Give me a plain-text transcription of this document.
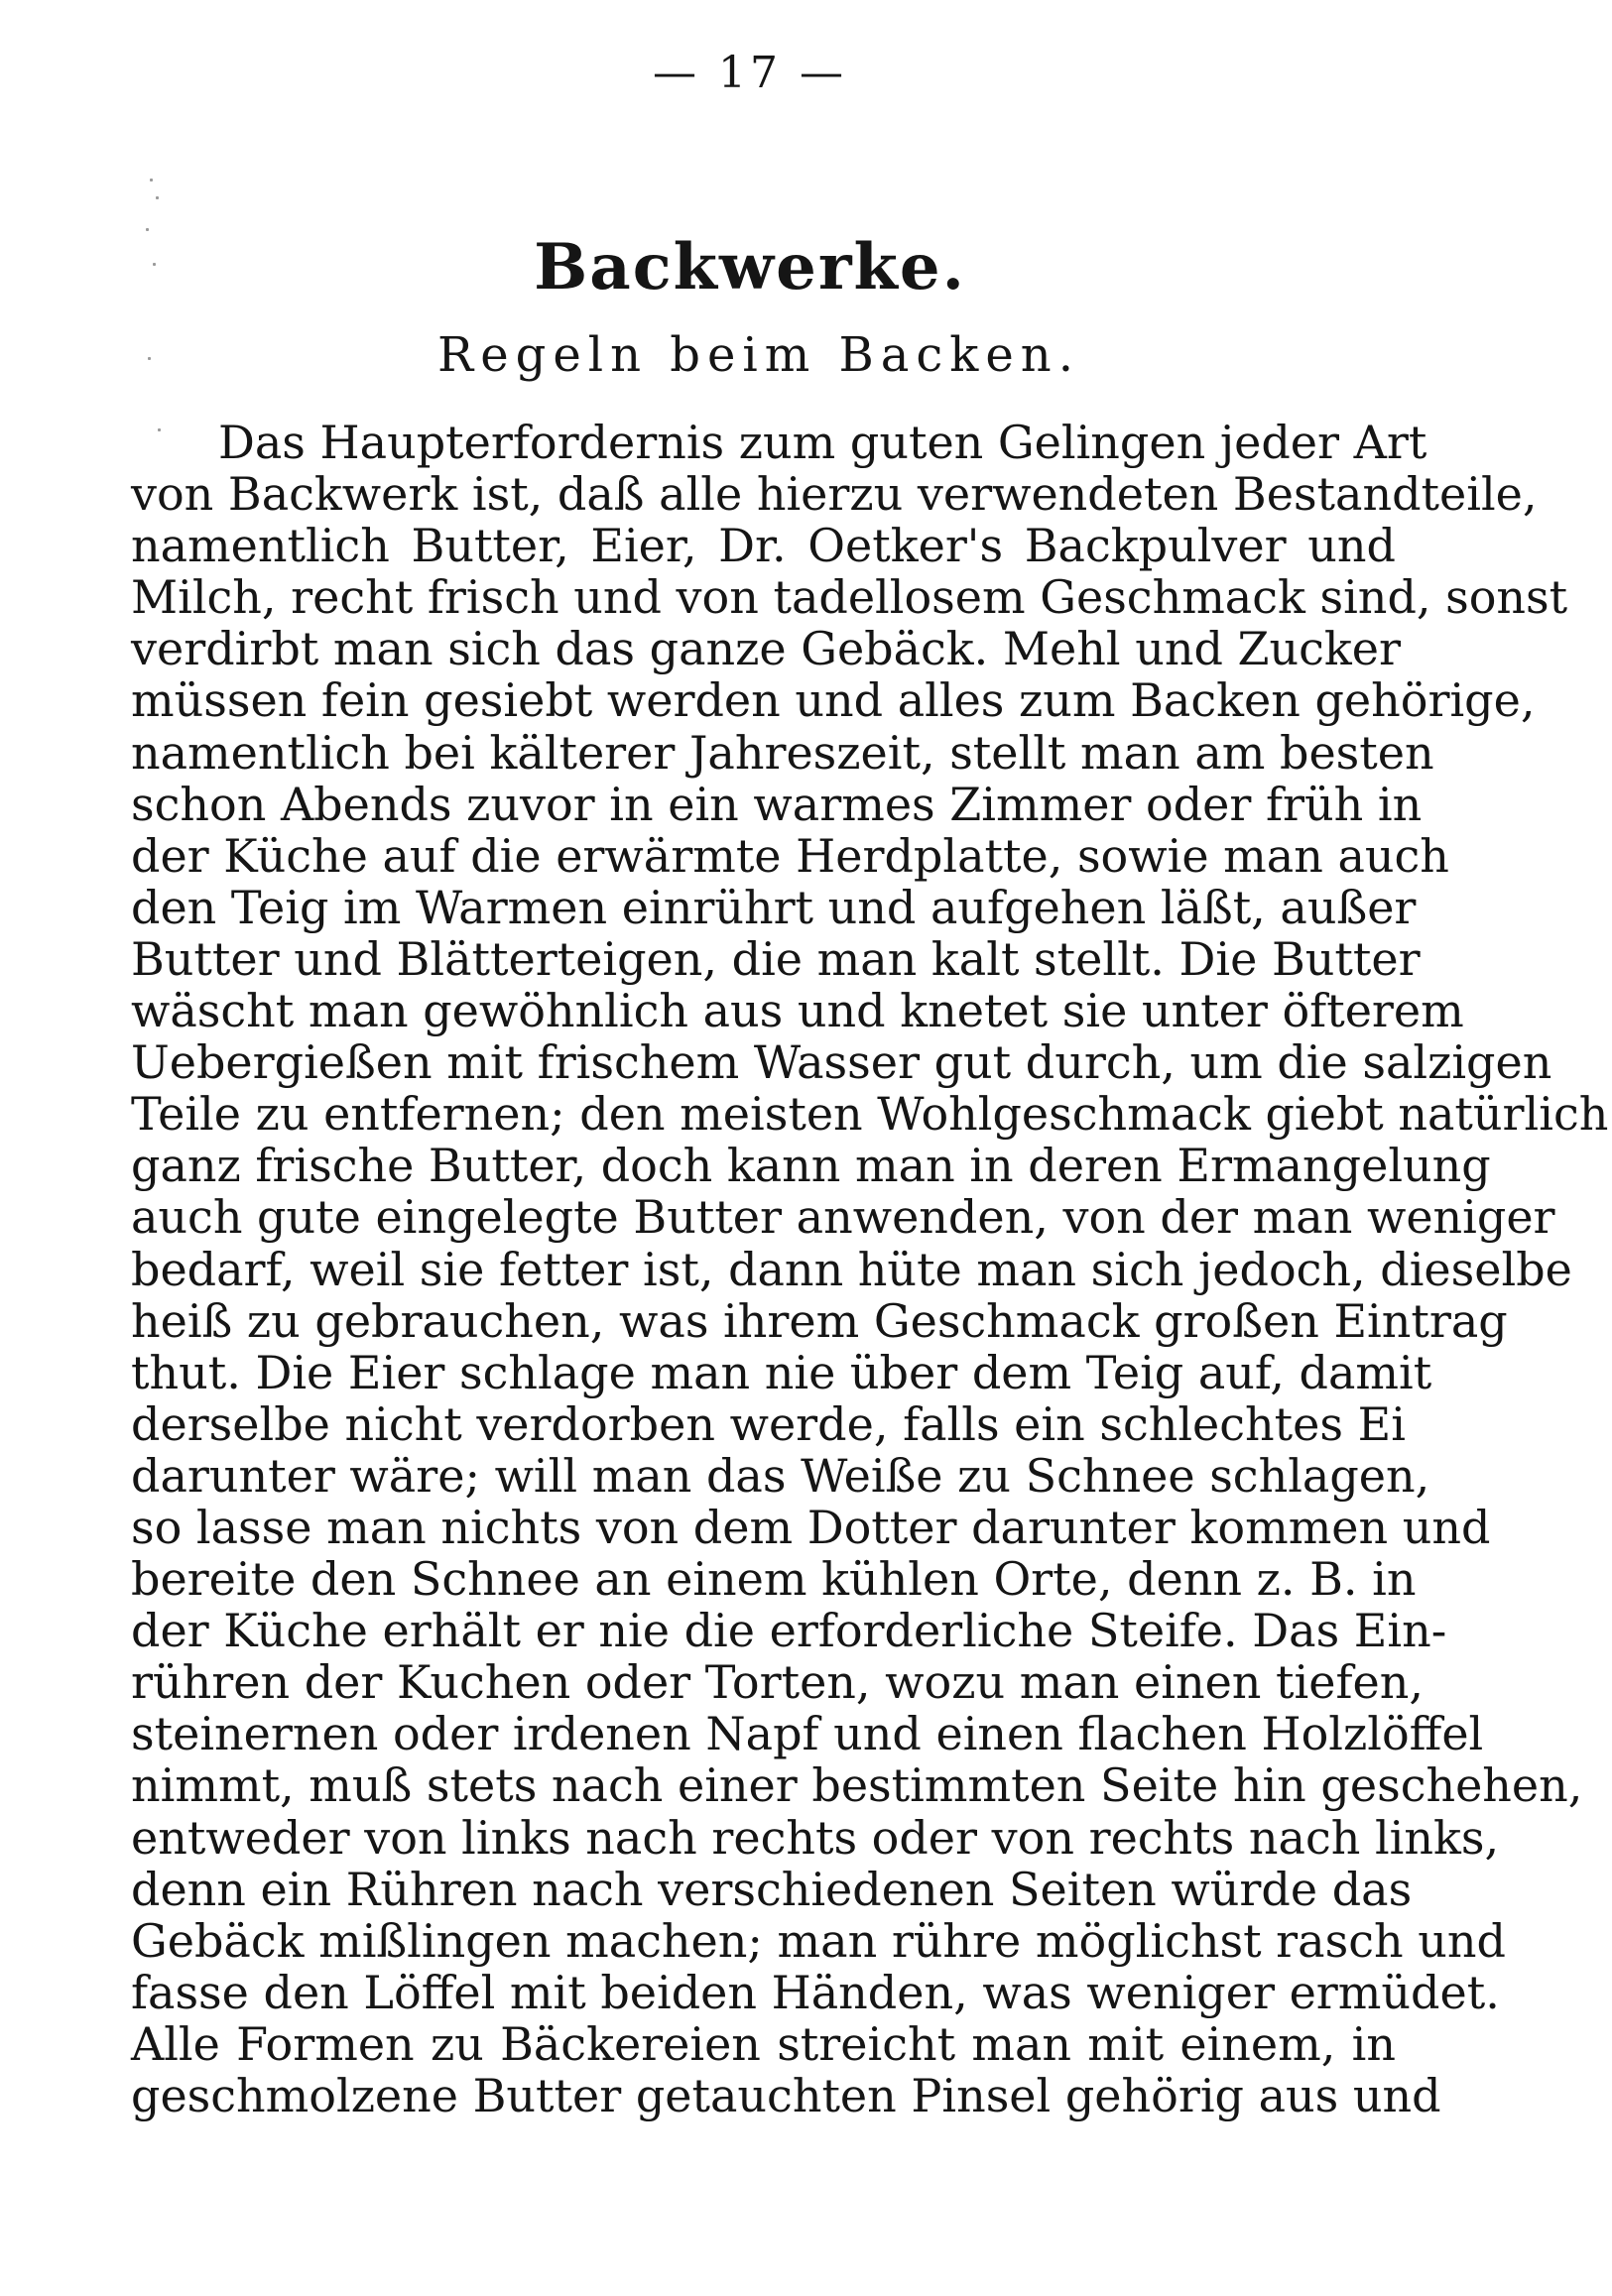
— 17 —
Backwerke.
Regeln beim Backen.
Das Haupterfordernis zum guten Gelingen jeder Art
von Backwerk ist, daß alle hierzu verwendeten Bestandteile,
namentlich Butter, Eier, Dr. Oetker's Backpulver und
Milch, recht frisch und von tadellosem Geschmack sind, sonst
verdirbt man sich das ganze Gebäck. Mehl und Zucker
müssen fein gesiebt werden und alles zum Backen gehörige,
namentlich bei kälterer Jahreszeit, stellt man am besten
schon Abends zuvor in ein warmes Zimmer oder früh in
der Küche auf die erwärmte Herdplatte, sowie man auch
den Teig im Warmen einrührt und aufgehen läßt, außer
Butter und Blätterteigen, die man kalt stellt. Die Butter
wäscht man gewöhnlich aus und knetet sie unter öfterem
Uebergießen mit frischem Wasser gut durch, um die salzigen
Teile zu entfernen; den meisten Wohlgeschmack giebt natürlich
ganz frische Butter, doch kann man in deren Ermangelung
auch gute eingelegte Butter anwenden, von der man weniger
bedarf, weil sie fetter ist, dann hüte man sich jedoch, dieselbe
heiß zu gebrauchen, was ihrem Geschmack großen Eintrag
thut. Die Eier schlage man nie über dem Teig auf, damit
derselbe nicht verdorben werde, falls ein schlechtes Ei
darunter wäre; will man das Weiße zu Schnee schlagen,
so lasse man nichts von dem Dotter darunter kommen und
bereite den Schnee an einem kühlen Orte, denn z. B. in
der Küche erhält er nie die erforderliche Steife. Das Ein-
rühren der Kuchen oder Torten, wozu man einen tiefen,
steinernen oder irdenen Napf und einen flachen Holzlöffel
nimmt, muß stets nach einer bestimmten Seite hin geschehen,
entweder von links nach rechts oder von rechts nach links,
denn ein Rühren nach verschiedenen Seiten würde das
Gebäck mißlingen machen; man rühre möglichst rasch und
fasse den Löffel mit beiden Händen, was weniger ermüdet.
Alle Formen zu Bäckereien streicht man mit einem, in
geschmolzene Butter getauchten Pinsel gehörig aus und
